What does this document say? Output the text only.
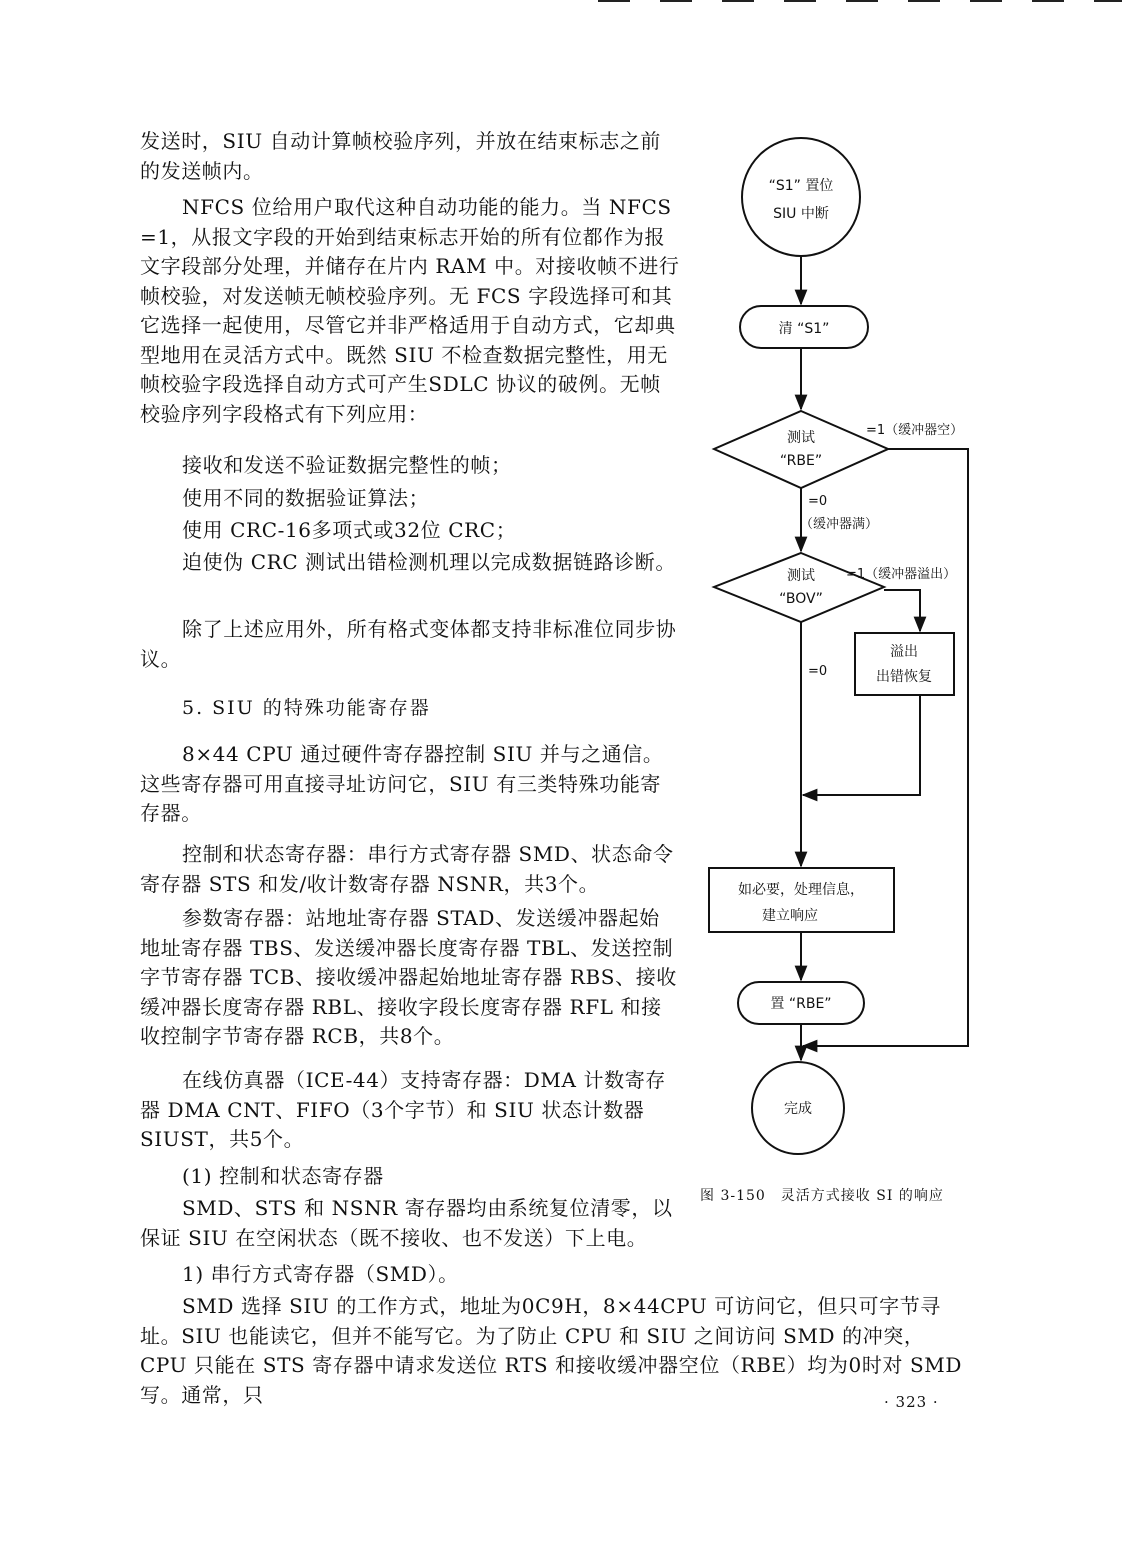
发送时，SIU 自动计算帧校验序列，并放在结束标志之前的发送帧内。
NFCS 位给用户取代这种自动功能的能力。当 NFCS =1，从报文字段的开始到结束标志开始的所有位都作为报文字段部分处理，并储存在片内 RAM 中。对接收帧不进行帧校验，对发送帧无帧校验序列。无 FCS 字段选择可和其它选择一起使用，尽管它并非严格适用于自动方式，它却典型地用在灵活方式中。既然 SIU 不检查数据完整性，用无帧校验字段选择自动方式可产生SDLC 协议的破例。无帧校验序列字段格式有下列应用：
接收和发送不验证数据完整性的帧；
使用不同的数据验证算法；
使用 CRC-16多项式或32位 CRC；
迫使伪 CRC 测试出错检测机理以完成数据链路诊断。
除了上述应用外，所有格式变体都支持非标准位同步协议。
5. SIU 的特殊功能寄存器
8×44 CPU 通过硬件寄存器控制 SIU 并与之通信。这些寄存器可用直接寻址访问它，SIU 有三类特殊功能寄存器。
控制和状态寄存器：串行方式寄存器 SMD、状态命令寄存器 STS 和发/收计数寄存器 NSNR，共3个。
参数寄存器：站地址寄存器 STAD、发送缓冲器起始地址寄存器 TBS、发送缓冲器长度寄存器 TBL、发送控制字节寄存器 TCB、接收缓冲器起始地址寄存器 RBS、接收缓冲器长度寄存器 RBL、接收字段长度寄存器 RFL 和接收控制字节寄存器 RCB，共8个。
在线仿真器（ICE-44）支持寄存器：DMA 计数寄存器 DMA CNT、FIFO（3个字节）和 SIU 状态计数器 SIUST，共5个。
(1) 控制和状态寄存器
SMD、STS 和 NSNR 寄存器均由系统复位清零，以保证 SIU 在空闲状态（既不接收、也不发送）下上电。
1) 串行方式寄存器（SMD）。
SMD 选择 SIU 的工作方式，地址为0C9H，8×44CPU 可访问它，但只可字节寻址。SIU 也能读它，但并不能写它。为了防止 CPU 和 SIU 之间访问 SMD 的冲突，CPU 只能在 STS 寄存器中请求发送位 RTS 和接收缓冲器空位（RBE）均为0时对 SMD 写。通常，只	· 323 ·
“S1” 置位
SIU 中断
清 “S1”
测试
“RBE”
=1（缓冲器空）
=0
（缓冲器满）
测试
“BOV”
=1（缓冲器溢出）
=0
溢出
出错恢复
如必要，处理信息，
建立响应
置 “RBE”
完成
图 3-150　灵活方式接收 SI 的响应
